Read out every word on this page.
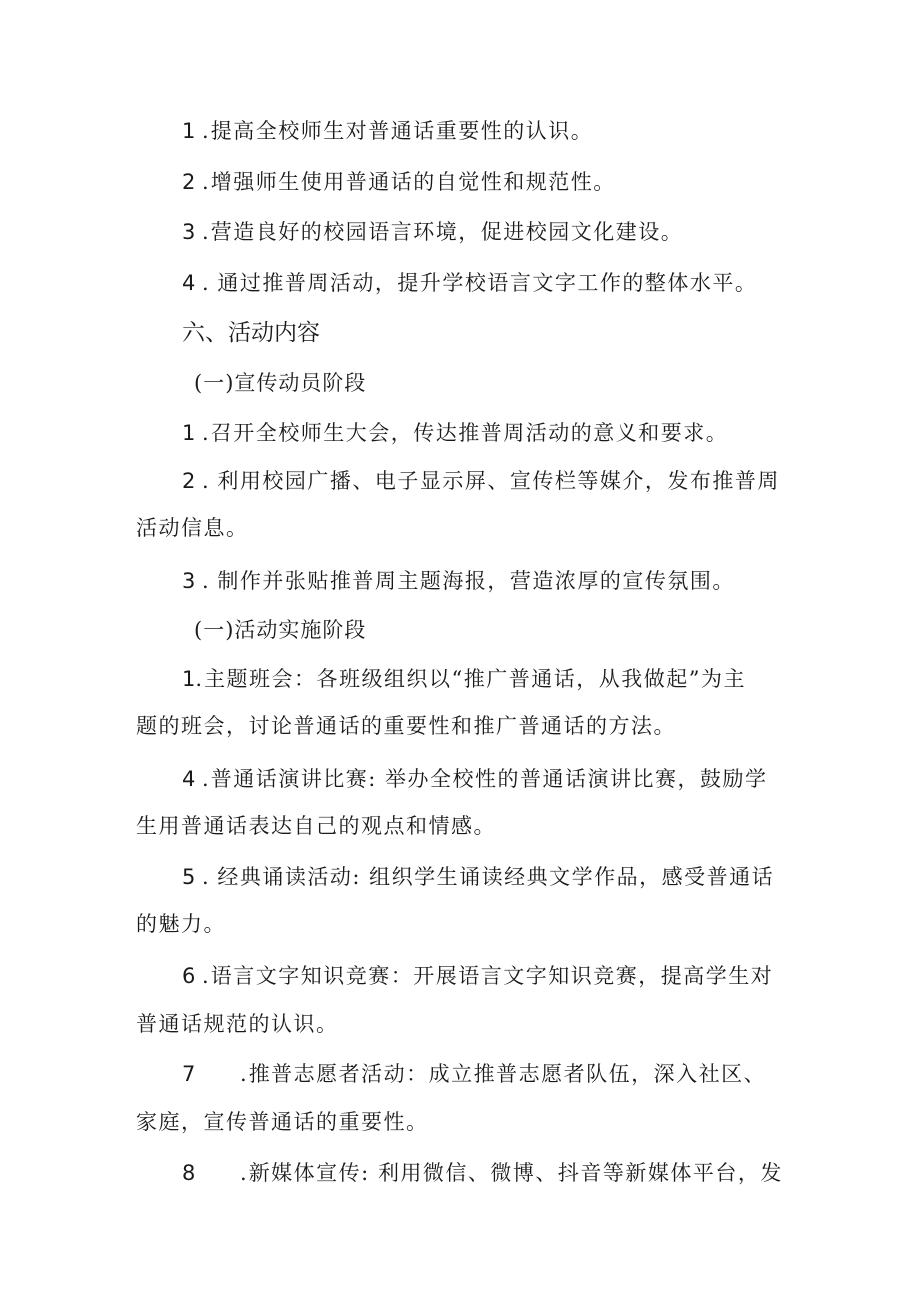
1 .提高全校师生对普通话重要性的认识。
2 .增强师生使用普通话的自觉性和规范性。
3 .营造良好的校园语言环境，促进校园文化建设。
4 . 通过推普周活动，提升学校语言文字工作的整体水平。
六、活动内容
(一)宣传动员阶段
1 .召开全校师生大会，传达推普周活动的意义和要求。
2 . 利用校园广播、电子显示屏、宣传栏等媒介，发布推普周
活动信息。
3 . 制作并张贴推普周主题海报，营造浓厚的宣传氛围。
(一)活动实施阶段
1.主题班会：各班级组织以“推广普通话，从我做起”为主
题的班会，讨论普通话的重要性和推广普通话的方法。
4 .普通话演讲比赛: 举办全校性的普通话演讲比赛，鼓励学
生用普通话表达自己的观点和情感。
5 . 经典诵读活动: 组织学生诵读经典文学作品，感受普通话
的魅力。
6 .语言文字知识竞赛：开展语言文字知识竞赛，提高学生对
普通话规范的认识。
7 .推普志愿者活动：成立推普志愿者队伍，深入社区、
家庭，宣传普通话的重要性。
8 .新媒体宣传: 利用微信、微博、抖音等新媒体平台，发
